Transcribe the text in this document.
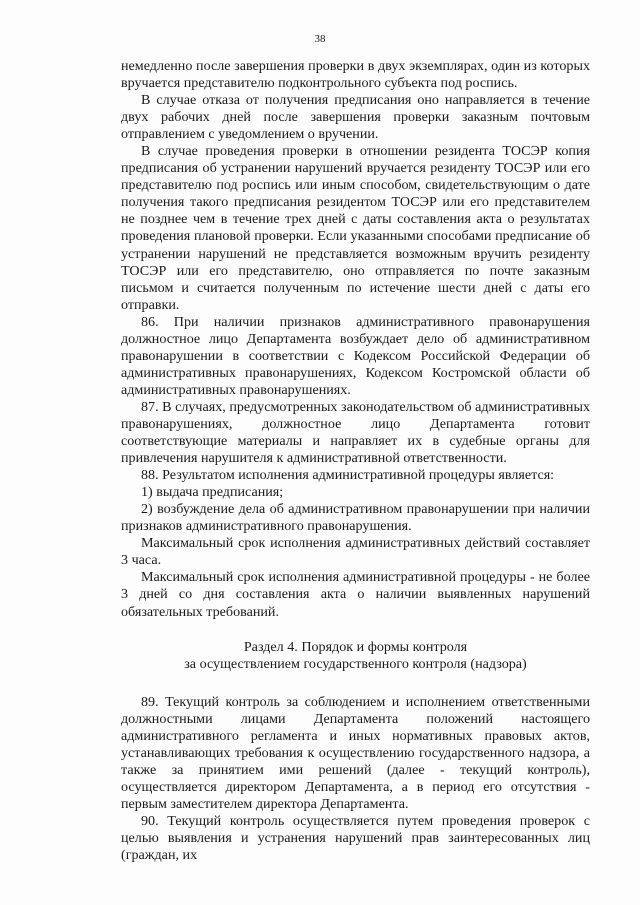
38

немедленно после завершения проверки в двух экземплярах, один из которых вручается представителю подконтрольного субъекта под роспись.

В случае отказа от получения предписания оно направляется в течение двух рабочих дней после завершения проверки заказным почтовым отправлением с уведомлением о вручении.

В случае проведения проверки в отношении резидента ТОСЭР копия предписания об устранении нарушений вручается резиденту ТОСЭР или его представителю под роспись или иным способом, свидетельствующим о дате получения такого предписания резидентом ТОСЭР или его представителем не позднее чем в течение трех дней с даты составления акта о результатах проведения плановой проверки. Если указанными способами предписание об устранении нарушений не представляется возможным вручить резиденту ТОСЭР или его представителю, оно отправляется по почте заказным письмом и считается полученным по истечение шести дней с даты его отправки.

86. При наличии признаков административного правонарушения должностное лицо Департамента возбуждает дело об административном правонарушении в соответствии с Кодексом Российской Федерации об административных правонарушениях, Кодексом Костромской области об административных правонарушениях.

87. В случаях, предусмотренных законодательством об административных правонарушениях, должностное лицо Департамента готовит соответствующие материалы и направляет их в судебные органы для привлечения нарушителя к административной ответственности.

88. Результатом исполнения административной процедуры является:

1) выдача предписания;

2) возбуждение дела об административном правонарушении при наличии признаков административного правонарушения.

Максимальный срок исполнения административных действий составляет 3 часа.

Максимальный срок исполнения административной процедуры - не более 3 дней со дня составления акта о наличии выявленных нарушений обязательных требований.

Раздел 4. Порядок и формы контроля

за осуществлением государственного контроля (надзора)

89. Текущий контроль за соблюдением и исполнением ответственными должностными лицами Департамента положений настоящего административного регламента и иных нормативных правовых актов, устанавливающих требования к осуществлению государственного надзора, а также за принятием ими решений (далее - текущий контроль), осуществляется директором Департамента, а в период его отсутствия - первым заместителем директора Департамента.

90. Текущий контроль осуществляется путем проведения проверок с целью выявления и устранения нарушений прав заинтересованных лиц (граждан, их
